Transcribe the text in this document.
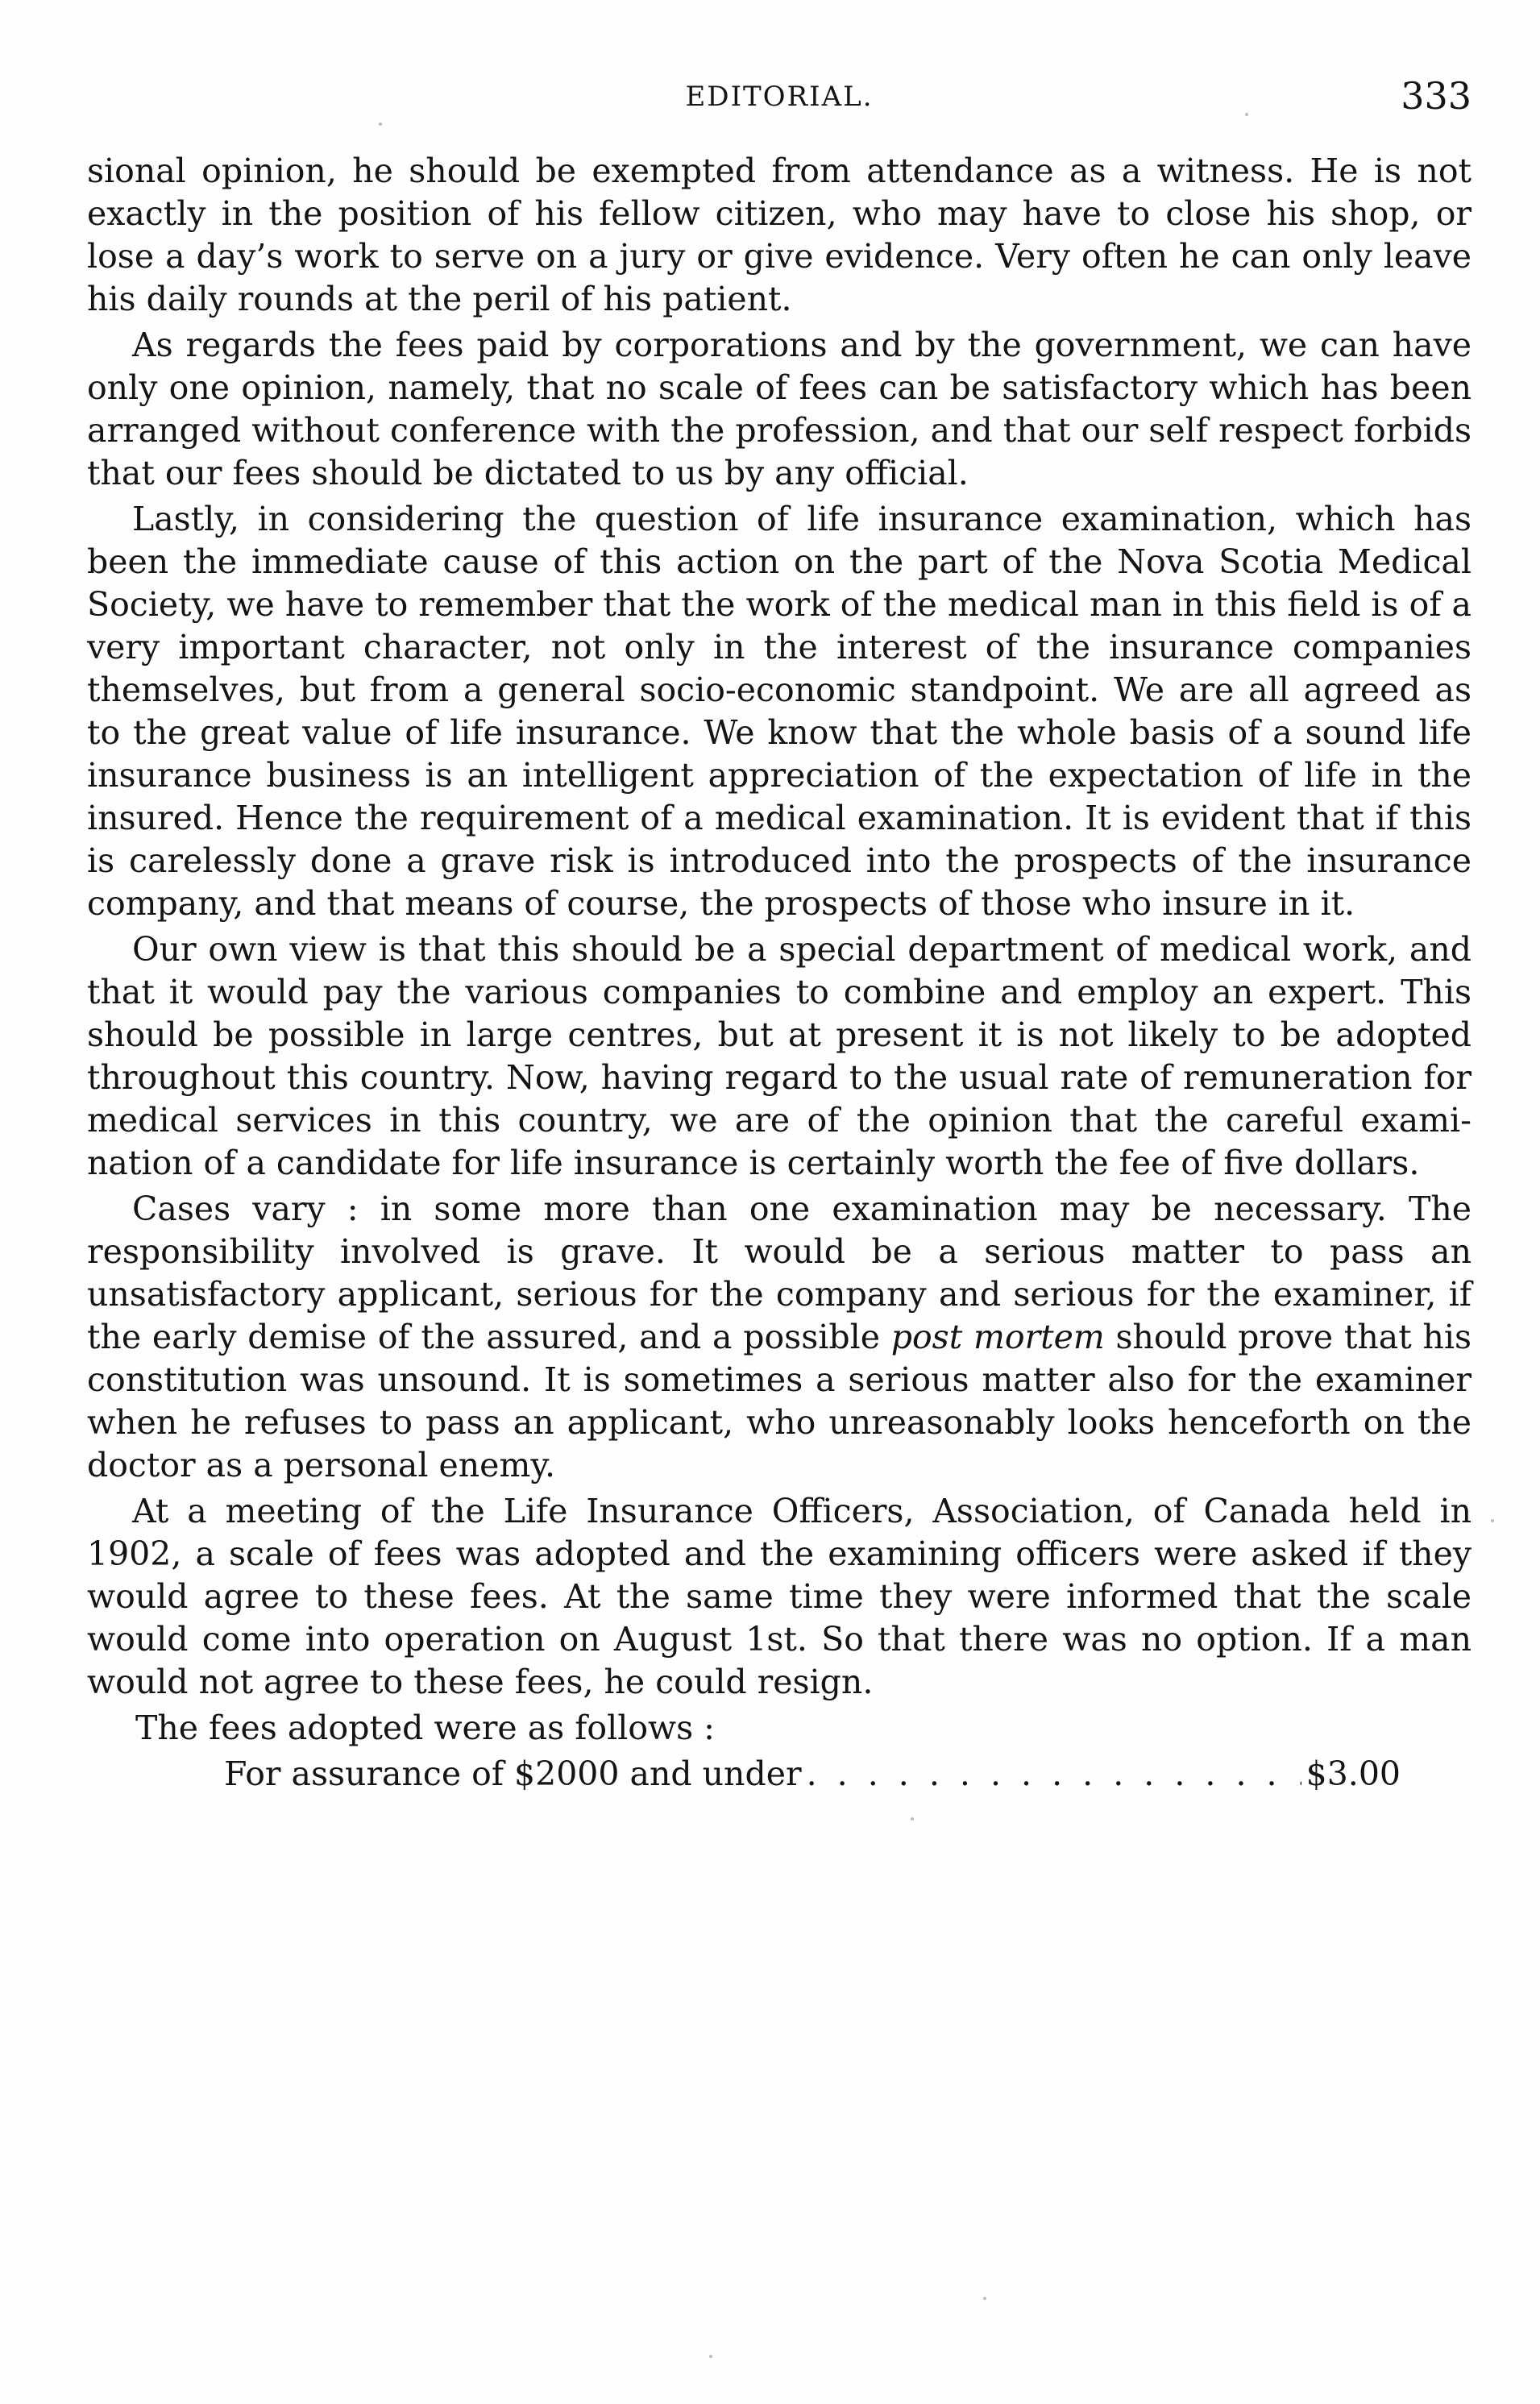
EDITORIAL.	333

sional opinion, he should be exempted from attendance as a witness. He is not exactly in the position of his fellow citizen, who may have to close his shop, or lose a day’s work to serve on a jury or give evidence. Very often he can only leave his daily rounds at the peril of his patient.

As regards the fees paid by corporations and by the government, we can have only one opinion, namely, that no scale of fees can be satisfactory which has been arranged without conference with the profession, and that our self respect forbids that our fees should be dictated to us by any official.

Lastly, in considering the question of life insurance examination, which has been the immediate cause of this action on the part of the Nova Scotia Medical Society, we have to remember that the work of the medical man in this field is of a very important character, not only in the interest of the insurance companies themselves, but from a general socio-economic standpoint. We are all agreed as to the great value of life insurance. We know that the whole basis of a sound life insurance business is an intelligent appreciation of the expectation of life in the insured. Hence the requirement of a medical examination. It is evident that if this is carelessly done a grave risk is introduced into the prospects of the insurance company, and that means of course, the prospects of those who insure in it.

Our own view is that this should be a special department of medical work, and that it would pay the various companies to combine and employ an expert. This should be possible in large centres, but at present it is not likely to be adopted throughout this country. Now, having regard to the usual rate of remuneration for medical services in this country, we are of the opinion that the careful examination of a candidate for life insurance is certainly worth the fee of five dollars.

Cases vary : in some more than one examination may be necessary. The responsibility involved is grave. It would be a serious matter to pass an unsatisfactory applicant, serious for the company and serious for the examiner, if the early demise of the assured, and a possible post mortem should prove that his constitution was unsound. It is sometimes a serious matter also for the examiner when he refuses to pass an applicant, who unreasonably looks henceforth on the doctor as a personal enemy.

At a meeting of the Life Insurance Officers, Association, of Canada held in 1902, a scale of fees was adopted and the examining officers were asked if they would agree to these fees. At the same time they were informed that the scale would come into operation on August 1st. So that there was no option. If a man would not agree to these fees, he could resign.

The fees adopted were as follows :

For assurance of $2000 and under
. . .	$3.00
